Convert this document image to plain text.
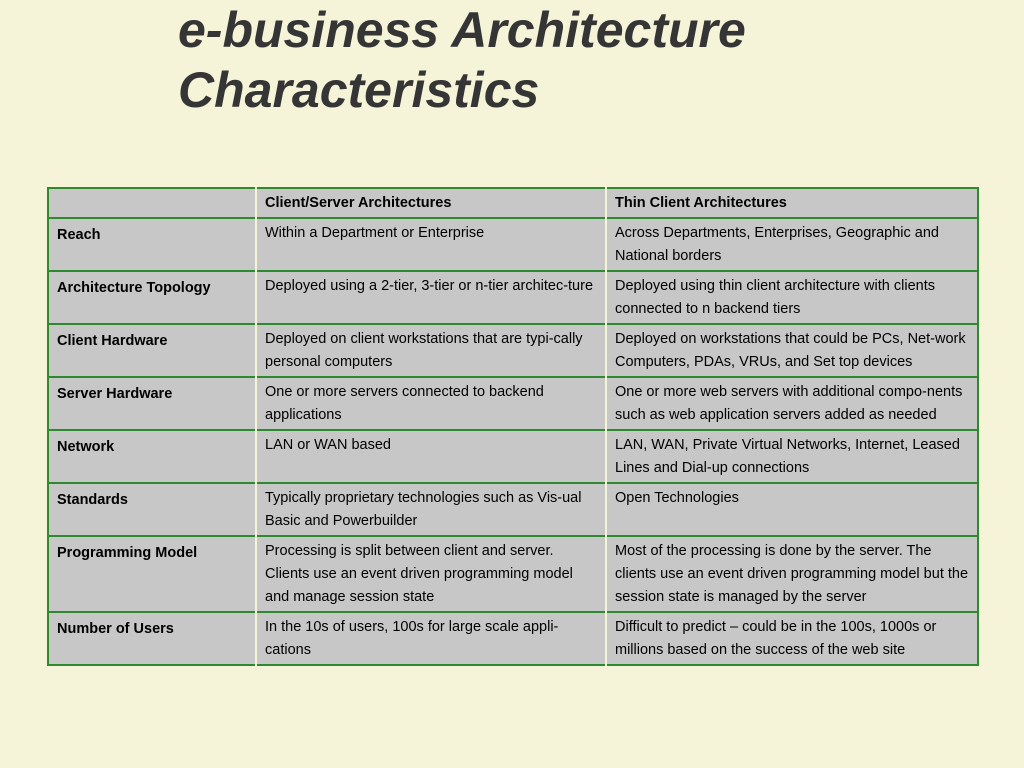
e-business Architecture
Characteristics
	Client/Server Architectures	Thin Client Architectures
Reach	Within a Department or Enterprise	Across Departments, Enterprises, Geographic and National borders
Architecture Topology	Deployed using a 2-tier, 3-tier or n-tier architec-ture	Deployed using thin client architecture with clients connected to n backend tiers
Client Hardware	Deployed on client workstations that are typi-cally personal computers	Deployed on workstations that could be PCs, Net-work Computers, PDAs, VRUs, and Set top devices
Server Hardware	One or more servers connected to backend applications	One or more web servers with additional compo-nents such as web application servers added as needed
Network	LAN or WAN based	LAN, WAN, Private Virtual Networks, Internet, Leased Lines and Dial-up connections
Standards	Typically proprietary technologies such as Vis-ual Basic and Powerbuilder	Open Technologies
Programming Model	Processing is split between client and server. Clients use an event driven programming model and manage session state	Most of the processing is done by the server. The clients use an event driven programming model but the session state is managed by the server
Number of Users	In the 10s of users, 100s for large scale appli-cations	Difficult to predict – could be in the 100s, 1000s or millions based on the success of the web site
